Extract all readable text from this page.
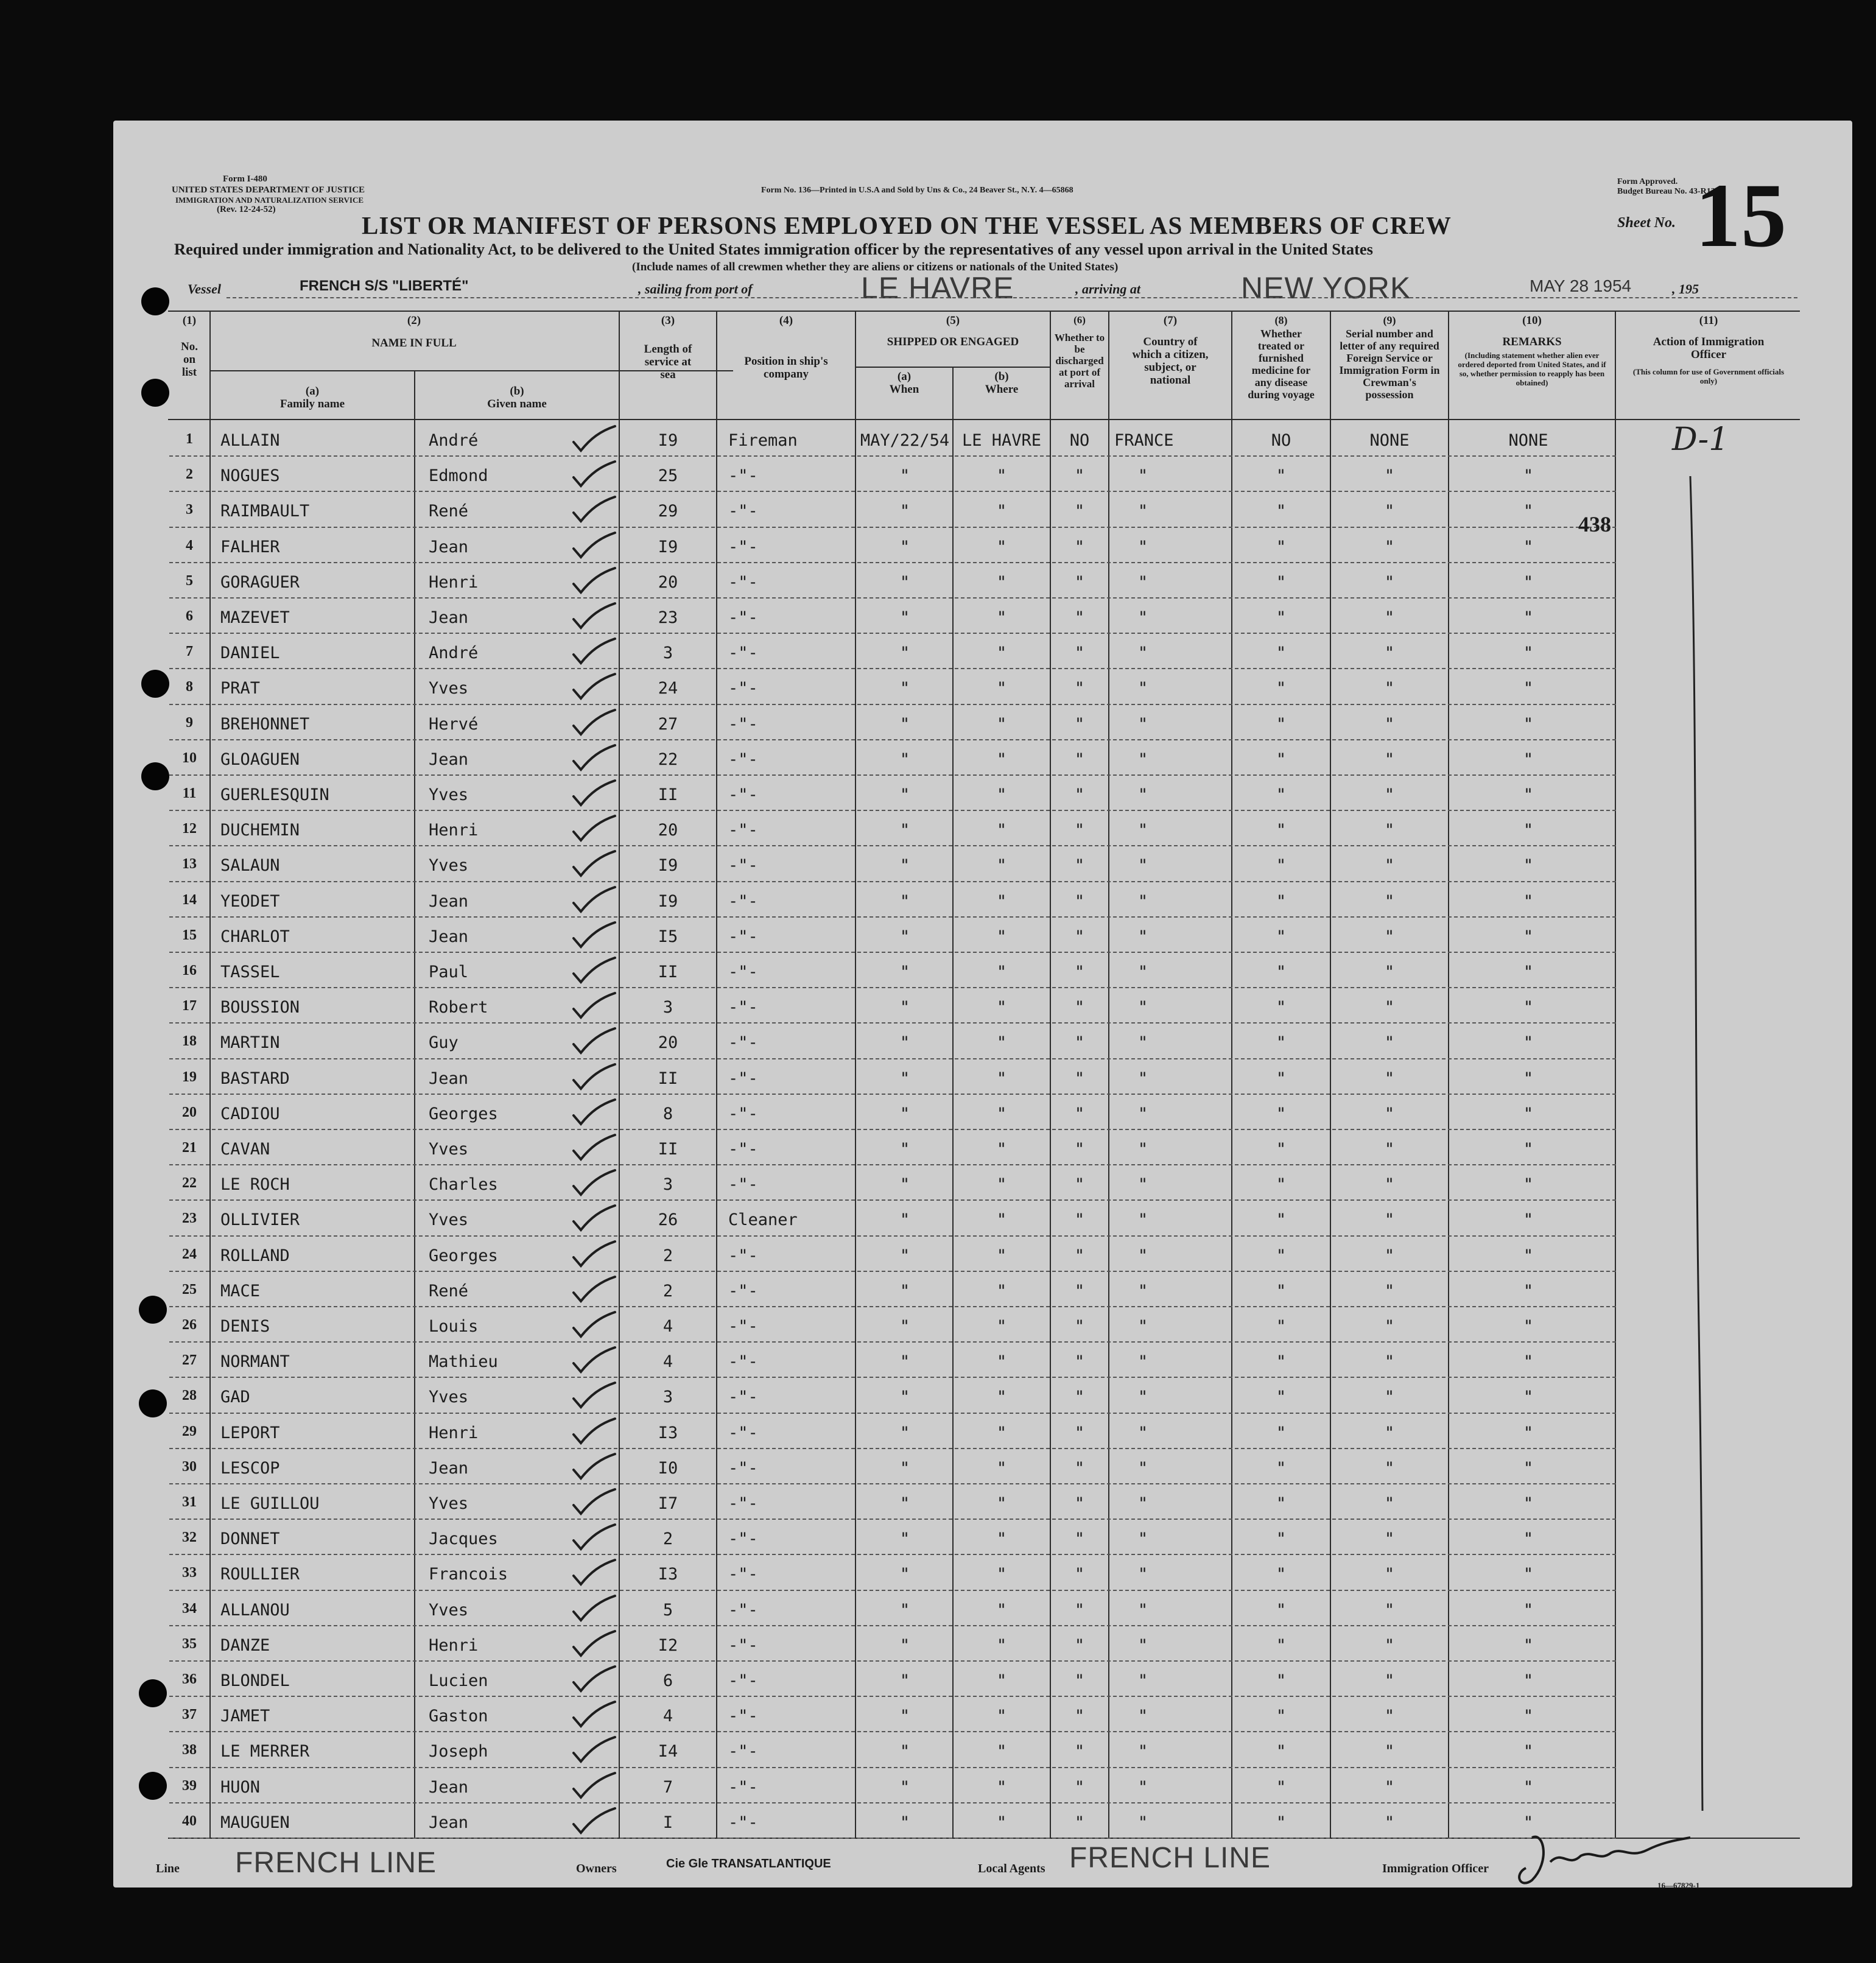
Form I-480
UNITED STATES DEPARTMENT OF JUSTICE
IMMIGRATION AND NATURALIZATION SERVICE
(Rev. 12-24-52)
Form No. 136—Printed in U.S.A and Sold by Uns & Co., 24 Beaver St., N.Y. 4—65868
Form Approved.
Budget Bureau No. 43-R136.
LIST OR MANIFEST OF PERSONS EMPLOYED ON THE VESSEL AS MEMBERS OF CREW	Sheet No. 15
Required under immigration and Nationality Act, to be delivered to the United States immigration officer by the representatives of any vessel upon arrival in the United States
(Include names of all crewmen whether they are aliens or citizens or nationals of the United States)
Vessel	FRENCH S/S "LIBERTÉ"	, sailing from port of	LE HAVRE	, arriving at	NEW YORK	MAY 28 1954	, 195
(1)
No. on list
(2)
NAME IN FULL
(a)
Family name
(b)
Given name
(3)
Length of service at sea
(4)
Position in ship's company
(5)
SHIPPED OR ENGAGED
(a)
When
(b)
Where
(6)
Whether to be discharged at port of arrival
(7)
Country of which a citizen, subject, or national
(8)
Whether treated or furnished medicine for any disease during voyage
(9)
Serial number and letter of any required Foreign Service or Immigration Form in Crewman's possession
(10)
REMARKS
(Including statement whether alien ever ordered deported from United States, and if so, whether permission to reapply has been obtained)
(11)
Action of Immigration Officer
(This column for use of Government officials only)
1	ALLAIN	André	I9	Fireman	MAY/22/54 LE HAVRE	NO	FRANCE	NO	NONE	NONE
2	NOGUES	Edmond	25	-"-	"	"	"	"	"	"	"
3	RAIMBAULT	René	29	-"-	"	"	"	"	"	"	"
4	FALHER	Jean	I9	-"-	"	"	"	"	"	"	"
5	GORAGUER	Henri	20	-"-	"	"	"	"	"	"	"
6	MAZEVET	Jean	23	-"-	"	"	"	"	"	"	"
7	DANIEL	André	3	-"-	"	"	"	"	"	"	"
8	PRAT	Yves	24	-"-	"	"	"	"	"	"	"
9	BREHONNET	Hervé	27	-"-	"	"	"	"	"	"	"
10	GLOAGUEN	Jean	22	-"-	"	"	"	"	"	"	"
11	GUERLESQUIN	Yves	II	-"-	"	"	"	"	"	"	"
12	DUCHEMIN	Henri	20	-"-	"	"	"	"	"	"	"
13	SALAUN	Yves	I9	-"-	"	"	"	"	"	"	"
14	YEODET	Jean	I9	-"-	"	"	"	"	"	"	"
15	CHARLOT	Jean	I5	-"-	"	"	"	"	"	"	"
16	TASSEL	Paul	II	-"-	"	"	"	"	"	"	"
17	BOUSSION	Robert	3	-"-	"	"	"	"	"	"	"
18	MARTIN	Guy	20	-"-	"	"	"	"	"	"	"
19	BASTARD	Jean	II	-"-	"	"	"	"	"	"	"
20	CADIOU	Georges	8	-"-	"	"	"	"	"	"	"
21	CAVAN	Yves	II	-"-	"	"	"	"	"	"	"
22	LE ROCH	Charles	3	-"-	"	"	"	"	"	"	"
23	OLLIVIER	Yves	26	Cleaner	"	"	"	"	"	"	"
24	ROLLAND	Georges	2	-"-	"	"	"	"	"	"	"
25	MACE	René	2	-"-	"	"	"	"	"	"	"
26	DENIS	Louis	4	-"-	"	"	"	"	"	"	"
27	NORMANT	Mathieu	4	-"-	"	"	"	"	"	"	"
28	GAD	Yves	3	-"-	"	"	"	"	"	"	"
29	LEPORT	Henri	I3	-"-	"	"	"	"	"	"	"
30	LESCOP	Jean	I0	-"-	"	"	"	"	"	"	"
31	LE GUILLOU	Yves	I7	-"-	"	"	"	"	"	"	"
32	DONNET	Jacques	2	-"-	"	"	"	"	"	"	"
33	ROULLIER	Francois	I3	-"-	"	"	"	"	"	"	"
34	ALLANOU	Yves	5	-"-	"	"	"	"	"	"	"
35	DANZE	Henri	I2	-"-	"	"	"	"	"	"	"
36	BLONDEL	Lucien	6	-"-	"	"	"	"	"	"	"
37	JAMET	Gaston	4	-"-	"	"	"	"	"	"	"
38	LE MERRER	Joseph	I4	-"-	"	"	"	"	"	"	"
39	HUON	Jean	7	-"-	"	"	"	"	"	"	"
40	MAUGUEN	Jean	I	-"-	"	"	"	"	"	"	"
D-1
438
Line FRENCH LINE	Owners	Cie Gle TRANSATLANTIQUE	Local Agents FRENCH LINE	Immigration Officer
16—67829-1
